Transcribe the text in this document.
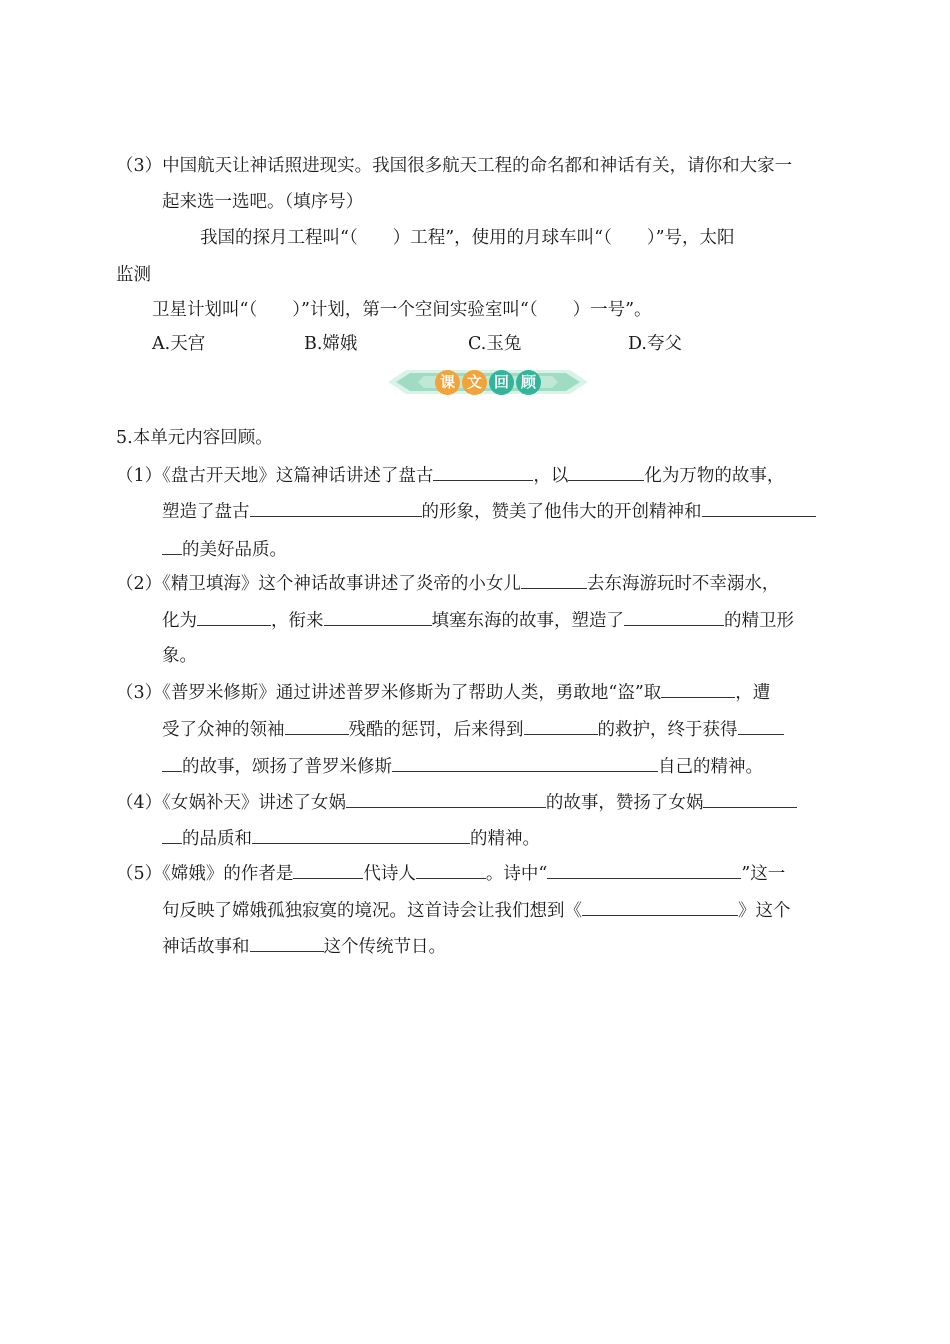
（3）中国航天让神话照进现实。我国很多航天工程的命名都和神话有关，请你和大家一
起来选一选吧。（填序号）
我国的探月工程叫“（　　）工程”，使用的月球车叫“（　　）”号，太阳
监测
卫星计划叫“（　　）”计划，第一个空间实验室叫“（　　）一号”。
A.天宫	B.嫦娥	C.玉兔	D.夸父
课 文 回 顾
5.本单元内容回顾。
（1）《盘古开天地》这篇神话讲述了盘古	，以	化为万物的故事，
塑造了盘古	的形象，赞美了他伟大的开创精神和
的美好品质。
（2）《精卫填海》这个神话故事讲述了炎帝的小女儿	去东海游玩时不幸溺水，
化为	，衔来	填塞东海的故事，塑造了	的精卫形
象。
（3）《普罗米修斯》通过讲述普罗米修斯为了帮助人类，勇敢地“盗”取	，遭
受了众神的领袖	残酷的惩罚，后来得到	的救护，终于获得
的故事，颂扬了普罗米修斯	自己的精神。
（4）《女娲补天》讲述了女娲	的故事，赞扬了女娲
的品质和	的精神。
（5）《嫦娥》的作者是	代诗人	。诗中“	”这一
句反映了嫦娥孤独寂寞的境况。这首诗会让我们想到《	》这个
神话故事和	这个传统节日。
